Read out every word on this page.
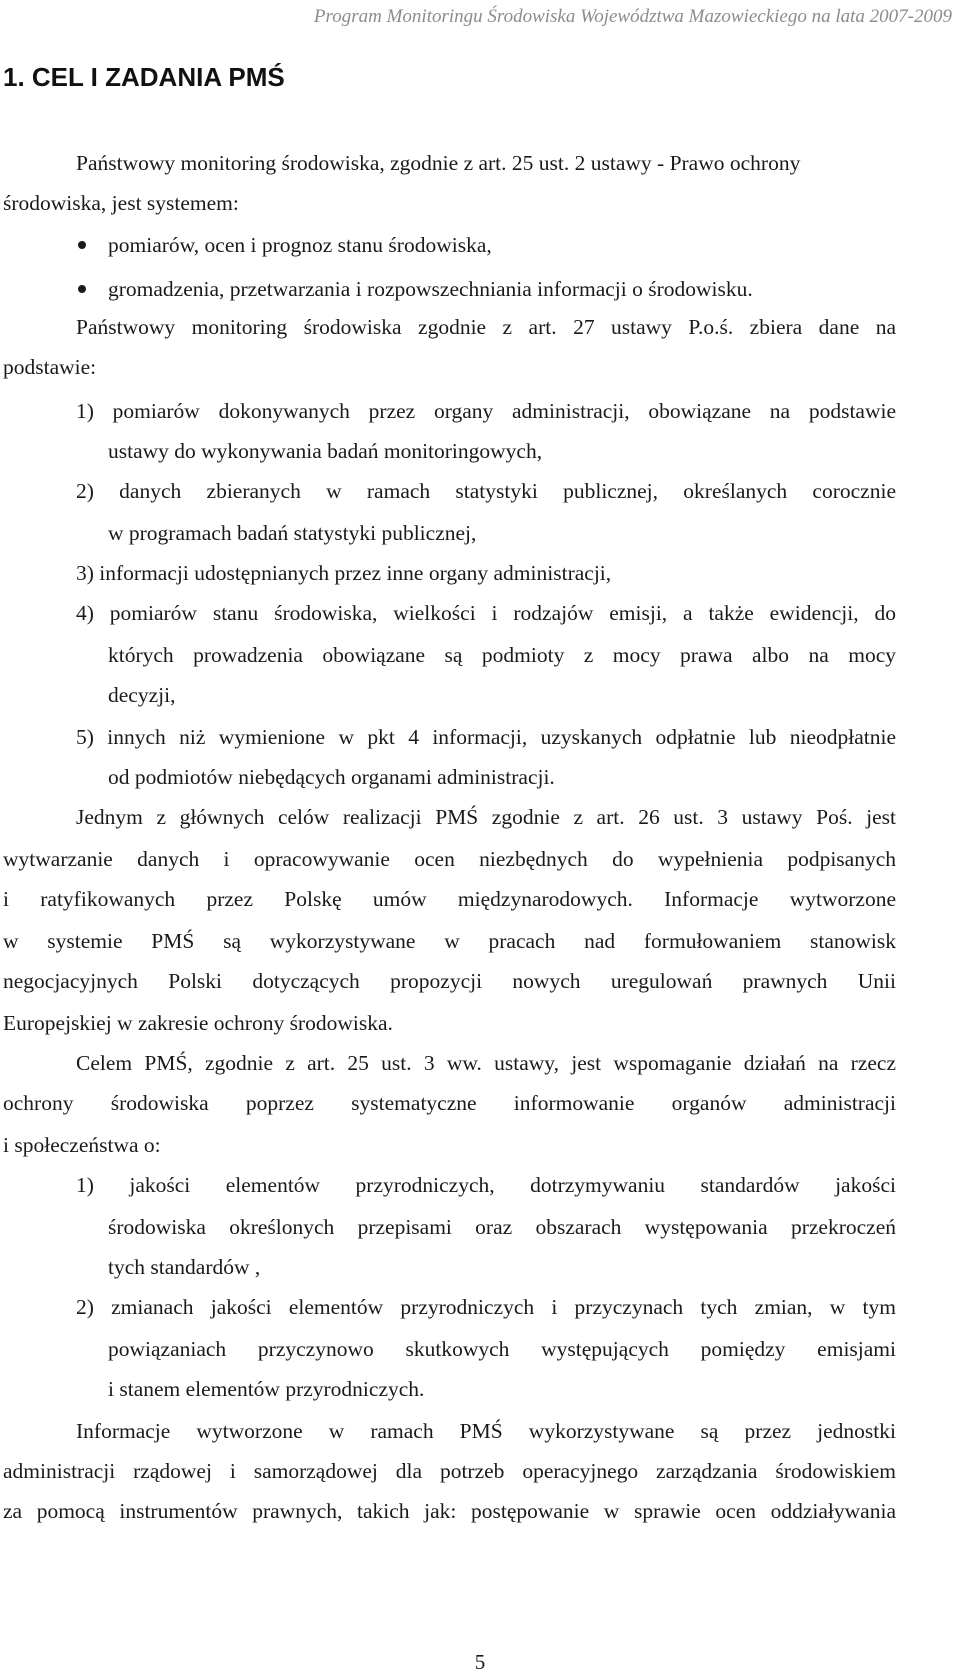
Program Monitoringu Środowiska Województwa Mazowieckiego na lata 2007-2009
1. CEL I ZADANIA PMŚ

Państwowy monitoring środowiska, zgodnie z art. 25 ust. 2 ustawy - Prawo ochrony

środowiska, jest systemem:

pomiarów, ocen i prognoz stanu środowiska,

gromadzenia, przetwarzania i rozpowszechniania informacji o środowisku.

Państwowy monitoring środowiska zgodnie z art. 27 ustawy P.o.ś. zbiera dane na

podstawie:

1) pomiarów dokonywanych przez organy administracji, obowiązane na podstawie

ustawy do wykonywania badań monitoringowych,

2) danych zbieranych w ramach statystyki publicznej, określanych corocznie

w programach badań statystyki publicznej,

3) informacji udostępnianych przez inne organy administracji,

4) pomiarów stanu środowiska, wielkości i rodzajów emisji, a także ewidencji, do

których prowadzenia obowiązane są podmioty z mocy prawa albo na mocy

decyzji,

5) innych niż wymienione w pkt 4 informacji, uzyskanych odpłatnie lub nieodpłatnie

od podmiotów niebędących organami administracji.

Jednym z głównych celów realizacji PMŚ zgodnie z art. 26 ust. 3 ustawy Poś. jest

wytwarzanie danych i opracowywanie ocen niezbędnych do wypełnienia podpisanych

i ratyfikowanych przez Polskę umów międzynarodowych. Informacje wytworzone

w systemie PMŚ są wykorzystywane w pracach nad formułowaniem stanowisk

negocjacyjnych Polski dotyczących propozycji nowych uregulowań prawnych Unii

Europejskiej w zakresie ochrony środowiska.

Celem PMŚ, zgodnie z art. 25 ust. 3 ww. ustawy, jest wspomaganie działań na rzecz

ochrony środowiska poprzez systematyczne informowanie organów administracji

i społeczeństwa o:

1) jakości elementów przyrodniczych, dotrzymywaniu standardów jakości

środowiska określonych przepisami oraz obszarach występowania przekroczeń

tych standardów ,

2) zmianach jakości elementów przyrodniczych i przyczynach tych zmian, w tym

powiązaniach przyczynowo skutkowych występujących pomiędzy emisjami

i stanem elementów przyrodniczych.

Informacje wytworzone w ramach PMŚ wykorzystywane są przez jednostki

administracji rządowej i samorządowej dla potrzeb operacyjnego zarządzania środowiskiem

za pomocą instrumentów prawnych, takich jak: postępowanie w sprawie ocen oddziaływania

5
